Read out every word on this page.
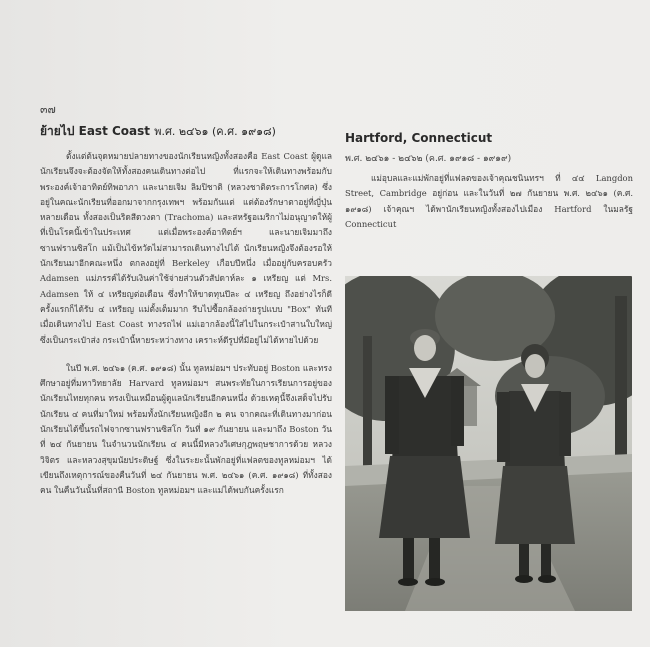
๓๗
ย้ายไป East Coast พ.ศ. ๒๔๖๑ (ค.ศ. ๑๙๑๘)

ตั้งแต่ต้นจุดหมายปลายทางของนักเรียนหญิงทั้งสองคือ East Coast ผู้ดูแลนักเรียนจึงจะต้องจัดให้ทั้งสองคนเดินทางต่อไป ที่แรกจะให้เดินทางพร้อมกับพระองค์เจ้าอาทิตย์ทิพอาภา และนายเจิม ลิมปิชาติ (หลวงชาติตระการโกศล) ซึ่งอยู่ในคณะนักเรียนที่ออกมาจากกรุงเทพฯ พร้อมกันแต่ แต่ต้องรักษาตาอยู่ที่ญี่ปุ่นหลายเดือน ทั้งสองเป็นริดสีดวงตา (Trachoma) และสหรัฐอเมริกาไม่อนุญาตให้ผู้ที่เป็นโรคนี้เข้าในประเทศ แต่เมื่อพระองค์อาทิตย์ฯ และนายเจิมมาถึงซานฟรานซิสโก แม้เป็นไข้หวัดไม่สามารถเดินทางไปได้ นักเรียนหญิงจึงต้องรอให้นักเรียนมาอีกคณะหนึ่ง ตกลงอยู่ที่ Berkeley เกือบปีหนึ่ง เมื่ออยู่กับครอบครัว Adamsen แม่ภรรค์ได้รับเงินค่าใช้จ่ายส่วนตัวสัปดาห์ละ ๑ เหรียญ แต่ Mrs. Adamsen ให้ ๔ เหรียญต่อเดือน ซึ่งทำให้ขาดทุนปีละ ๔ เหรียญ ถึงอย่างไรก็ดี ครั้งแรกก็ได้รับ ๔ เหรียญ แม่ตั้งเต็มมาก รีบไปซื้อกล้องถ่ายรูปแบบ "Box" ทันที เมื่อเดินทางไป East Coast ทางรถไฟ แม่เอากล้องนี้ใส่ไปในกระเป๋าสานใบใหญ่ซึ่งเป็นกระเป๋าส่ง กระเป๋านี้หายระหว่างทาง เคราะห์ดีรูปที่มีอยู่ไม่ได้หายไปด้วย

ในปี พ.ศ. ๒๔๖๑ (ค.ศ. ๑๙๑๘) นั้น ทูลหม่อมฯ ประทับอยู่ Boston และทรงศึกษาอยู่ที่มหาวิทยาลัย Harvard ทูลหม่อมฯ สนพระทัยในการเรียนการอยู่ของนักเรียนไทยทุกคน ทรงเป็นเหมือนผู้ดูแลนักเรียนอีกคนหนึ่ง ด้วยเหตุนี้จึงเสด็จไปรับนักเรียน ๔ คนที่มาใหม่ พร้อมทั้งนักเรียนหญิงอีก ๒ คน จากคณะที่เดินทางมาก่อน นักเรียนได้ขึ้นรถไฟจากซานฟรานซิสโก วันที่ ๑๙ กันยายน และมาถึง Boston วันที่ ๒๔ กันยายน ในจำนวนนักเรียน ๔ คนนี้มีหลวงวิเศษกุฎพฤษชาการด้วย หลวงวิจิตร และหลวงสุขุมนัยประดิษฐ์ ซึ่งในระยะนั้นพักอยู่ที่แฟลตของทูลหม่อมฯ ได้เขียนถึงเหตุการณ์ของคืนวันที่ ๒๔ กันยายน พ.ศ. ๒๔๖๑ (ค.ศ. ๑๙๑๘) ที่ทั้งสองคน ในคืนวันนั้นที่สถานี Boston ทูลหม่อมฯ และแม่ได้พบกันครั้งแรก

Hartford, Connecticut
พ.ศ. ๒๔๖๑ - ๒๔๖๒ (ค.ศ. ๑๙๑๘ - ๑๙๑๙)

แม่อุบลและแม่พักอยู่ที่แฟลตของเจ้าคุณชนินทรฯ ที่ ๔๔ Langdon Street, Cambridge อยู่ก่อน และในวันที่ ๒๗ กันยายน พ.ศ. ๒๔๖๑ (ค.ศ. ๑๙๑๘) เจ้าคุณฯ ได้พานักเรียนหญิงทั้งสองไปเมือง Hartford ในมลรัฐ Connecticut
